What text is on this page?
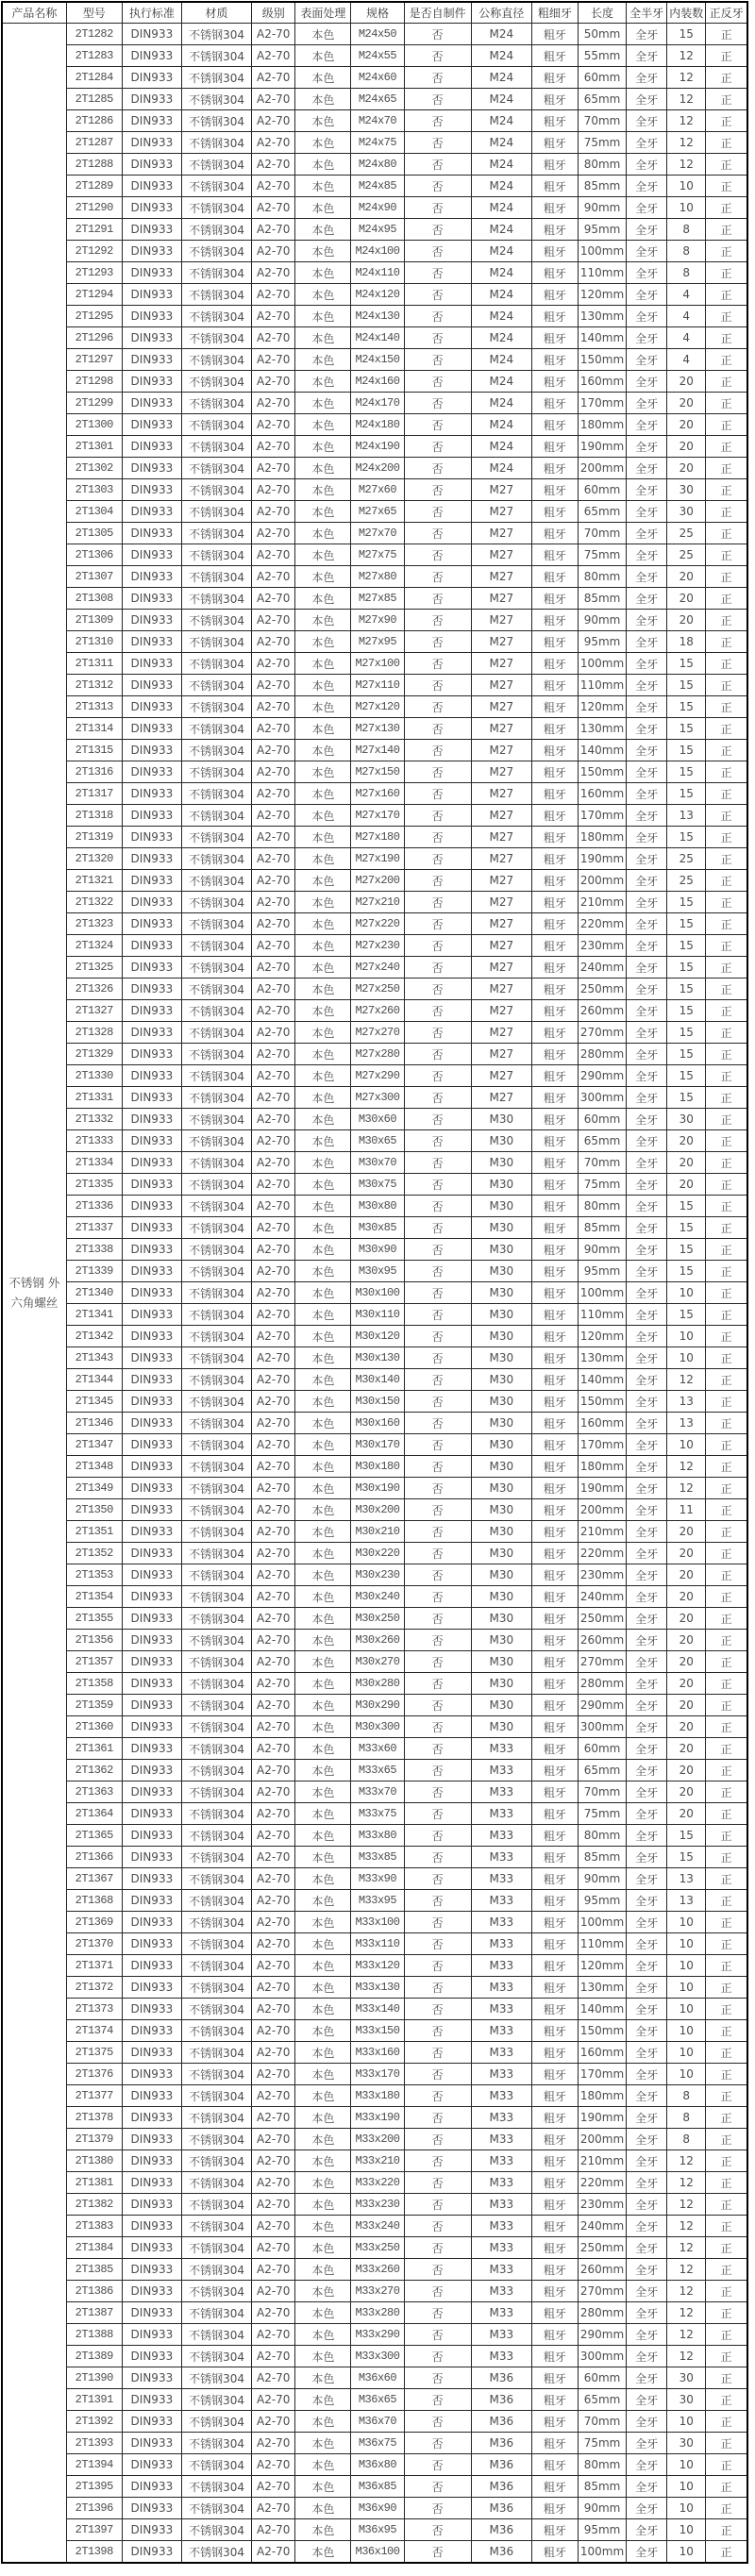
产品名称	型号	执行标准	材质	级别	表面处理	规格	是否自制件	公称直径	粗细牙	长度	全半牙	内装数	正反牙
不锈钢 外六角螺丝	2T1282	DIN933	不锈钢304	A2-70	本色	M24x50	否	M24	粗牙	50mm	全牙	15	正
	2T1283	DIN933	不锈钢304	A2-70	本色	M24x55	否	M24	粗牙	55mm	全牙	12	正
	2T1284	DIN933	不锈钢304	A2-70	本色	M24x60	否	M24	粗牙	60mm	全牙	12	正
	2T1285	DIN933	不锈钢304	A2-70	本色	M24x65	否	M24	粗牙	65mm	全牙	12	正
	2T1286	DIN933	不锈钢304	A2-70	本色	M24x70	否	M24	粗牙	70mm	全牙	12	正
	2T1287	DIN933	不锈钢304	A2-70	本色	M24x75	否	M24	粗牙	75mm	全牙	12	正
	2T1288	DIN933	不锈钢304	A2-70	本色	M24x80	否	M24	粗牙	80mm	全牙	12	正
	2T1289	DIN933	不锈钢304	A2-70	本色	M24x85	否	M24	粗牙	85mm	全牙	10	正
	2T1290	DIN933	不锈钢304	A2-70	本色	M24x90	否	M24	粗牙	90mm	全牙	10	正
	2T1291	DIN933	不锈钢304	A2-70	本色	M24x95	否	M24	粗牙	95mm	全牙	8	正
	2T1292	DIN933	不锈钢304	A2-70	本色	M24x100	否	M24	粗牙	100mm	全牙	8	正
	2T1293	DIN933	不锈钢304	A2-70	本色	M24x110	否	M24	粗牙	110mm	全牙	8	正
	2T1294	DIN933	不锈钢304	A2-70	本色	M24x120	否	M24	粗牙	120mm	全牙	4	正
	2T1295	DIN933	不锈钢304	A2-70	本色	M24x130	否	M24	粗牙	130mm	全牙	4	正
	2T1296	DIN933	不锈钢304	A2-70	本色	M24x140	否	M24	粗牙	140mm	全牙	4	正
	2T1297	DIN933	不锈钢304	A2-70	本色	M24x150	否	M24	粗牙	150mm	全牙	4	正
	2T1298	DIN933	不锈钢304	A2-70	本色	M24x160	否	M24	粗牙	160mm	全牙	20	正
	2T1299	DIN933	不锈钢304	A2-70	本色	M24x170	否	M24	粗牙	170mm	全牙	20	正
	2T1300	DIN933	不锈钢304	A2-70	本色	M24x180	否	M24	粗牙	180mm	全牙	20	正
	2T1301	DIN933	不锈钢304	A2-70	本色	M24x190	否	M24	粗牙	190mm	全牙	20	正
	2T1302	DIN933	不锈钢304	A2-70	本色	M24x200	否	M24	粗牙	200mm	全牙	20	正
	2T1303	DIN933	不锈钢304	A2-70	本色	M27x60	否	M27	粗牙	60mm	全牙	30	正
	2T1304	DIN933	不锈钢304	A2-70	本色	M27x65	否	M27	粗牙	65mm	全牙	30	正
	2T1305	DIN933	不锈钢304	A2-70	本色	M27x70	否	M27	粗牙	70mm	全牙	25	正
	2T1306	DIN933	不锈钢304	A2-70	本色	M27x75	否	M27	粗牙	75mm	全牙	25	正
	2T1307	DIN933	不锈钢304	A2-70	本色	M27x80	否	M27	粗牙	80mm	全牙	20	正
	2T1308	DIN933	不锈钢304	A2-70	本色	M27x85	否	M27	粗牙	85mm	全牙	20	正
	2T1309	DIN933	不锈钢304	A2-70	本色	M27x90	否	M27	粗牙	90mm	全牙	20	正
	2T1310	DIN933	不锈钢304	A2-70	本色	M27x95	否	M27	粗牙	95mm	全牙	18	正
	2T1311	DIN933	不锈钢304	A2-70	本色	M27x100	否	M27	粗牙	100mm	全牙	15	正
	2T1312	DIN933	不锈钢304	A2-70	本色	M27x110	否	M27	粗牙	110mm	全牙	15	正
	2T1313	DIN933	不锈钢304	A2-70	本色	M27x120	否	M27	粗牙	120mm	全牙	15	正
	2T1314	DIN933	不锈钢304	A2-70	本色	M27x130	否	M27	粗牙	130mm	全牙	15	正
	2T1315	DIN933	不锈钢304	A2-70	本色	M27x140	否	M27	粗牙	140mm	全牙	15	正
	2T1316	DIN933	不锈钢304	A2-70	本色	M27x150	否	M27	粗牙	150mm	全牙	15	正
	2T1317	DIN933	不锈钢304	A2-70	本色	M27x160	否	M27	粗牙	160mm	全牙	15	正
	2T1318	DIN933	不锈钢304	A2-70	本色	M27x170	否	M27	粗牙	170mm	全牙	13	正
	2T1319	DIN933	不锈钢304	A2-70	本色	M27x180	否	M27	粗牙	180mm	全牙	15	正
	2T1320	DIN933	不锈钢304	A2-70	本色	M27x190	否	M27	粗牙	190mm	全牙	25	正
	2T1321	DIN933	不锈钢304	A2-70	本色	M27x200	否	M27	粗牙	200mm	全牙	25	正
	2T1322	DIN933	不锈钢304	A2-70	本色	M27x210	否	M27	粗牙	210mm	全牙	15	正
	2T1323	DIN933	不锈钢304	A2-70	本色	M27x220	否	M27	粗牙	220mm	全牙	15	正
	2T1324	DIN933	不锈钢304	A2-70	本色	M27x230	否	M27	粗牙	230mm	全牙	15	正
	2T1325	DIN933	不锈钢304	A2-70	本色	M27x240	否	M27	粗牙	240mm	全牙	15	正
	2T1326	DIN933	不锈钢304	A2-70	本色	M27x250	否	M27	粗牙	250mm	全牙	15	正
	2T1327	DIN933	不锈钢304	A2-70	本色	M27x260	否	M27	粗牙	260mm	全牙	15	正
	2T1328	DIN933	不锈钢304	A2-70	本色	M27x270	否	M27	粗牙	270mm	全牙	15	正
	2T1329	DIN933	不锈钢304	A2-70	本色	M27x280	否	M27	粗牙	280mm	全牙	15	正
	2T1330	DIN933	不锈钢304	A2-70	本色	M27x290	否	M27	粗牙	290mm	全牙	15	正
	2T1331	DIN933	不锈钢304	A2-70	本色	M27x300	否	M27	粗牙	300mm	全牙	15	正
	2T1332	DIN933	不锈钢304	A2-70	本色	M30x60	否	M30	粗牙	60mm	全牙	30	正
	2T1333	DIN933	不锈钢304	A2-70	本色	M30x65	否	M30	粗牙	65mm	全牙	20	正
	2T1334	DIN933	不锈钢304	A2-70	本色	M30x70	否	M30	粗牙	70mm	全牙	20	正
	2T1335	DIN933	不锈钢304	A2-70	本色	M30x75	否	M30	粗牙	75mm	全牙	20	正
	2T1336	DIN933	不锈钢304	A2-70	本色	M30x80	否	M30	粗牙	80mm	全牙	15	正
	2T1337	DIN933	不锈钢304	A2-70	本色	M30x85	否	M30	粗牙	85mm	全牙	15	正
	2T1338	DIN933	不锈钢304	A2-70	本色	M30x90	否	M30	粗牙	90mm	全牙	15	正
	2T1339	DIN933	不锈钢304	A2-70	本色	M30x95	否	M30	粗牙	95mm	全牙	15	正
	2T1340	DIN933	不锈钢304	A2-70	本色	M30x100	否	M30	粗牙	100mm	全牙	10	正
	2T1341	DIN933	不锈钢304	A2-70	本色	M30x110	否	M30	粗牙	110mm	全牙	15	正
	2T1342	DIN933	不锈钢304	A2-70	本色	M30x120	否	M30	粗牙	120mm	全牙	10	正
	2T1343	DIN933	不锈钢304	A2-70	本色	M30x130	否	M30	粗牙	130mm	全牙	10	正
	2T1344	DIN933	不锈钢304	A2-70	本色	M30x140	否	M30	粗牙	140mm	全牙	12	正
	2T1345	DIN933	不锈钢304	A2-70	本色	M30x150	否	M30	粗牙	150mm	全牙	13	正
	2T1346	DIN933	不锈钢304	A2-70	本色	M30x160	否	M30	粗牙	160mm	全牙	13	正
	2T1347	DIN933	不锈钢304	A2-70	本色	M30x170	否	M30	粗牙	170mm	全牙	10	正
	2T1348	DIN933	不锈钢304	A2-70	本色	M30x180	否	M30	粗牙	180mm	全牙	12	正
	2T1349	DIN933	不锈钢304	A2-70	本色	M30x190	否	M30	粗牙	190mm	全牙	12	正
	2T1350	DIN933	不锈钢304	A2-70	本色	M30x200	否	M30	粗牙	200mm	全牙	11	正
	2T1351	DIN933	不锈钢304	A2-70	本色	M30x210	否	M30	粗牙	210mm	全牙	20	正
	2T1352	DIN933	不锈钢304	A2-70	本色	M30x220	否	M30	粗牙	220mm	全牙	20	正
	2T1353	DIN933	不锈钢304	A2-70	本色	M30x230	否	M30	粗牙	230mm	全牙	20	正
	2T1354	DIN933	不锈钢304	A2-70	本色	M30x240	否	M30	粗牙	240mm	全牙	20	正
	2T1355	DIN933	不锈钢304	A2-70	本色	M30x250	否	M30	粗牙	250mm	全牙	20	正
	2T1356	DIN933	不锈钢304	A2-70	本色	M30x260	否	M30	粗牙	260mm	全牙	20	正
	2T1357	DIN933	不锈钢304	A2-70	本色	M30x270	否	M30	粗牙	270mm	全牙	20	正
	2T1358	DIN933	不锈钢304	A2-70	本色	M30x280	否	M30	粗牙	280mm	全牙	20	正
	2T1359	DIN933	不锈钢304	A2-70	本色	M30x290	否	M30	粗牙	290mm	全牙	20	正
	2T1360	DIN933	不锈钢304	A2-70	本色	M30x300	否	M30	粗牙	300mm	全牙	20	正
	2T1361	DIN933	不锈钢304	A2-70	本色	M33x60	否	M33	粗牙	60mm	全牙	20	正
	2T1362	DIN933	不锈钢304	A2-70	本色	M33x65	否	M33	粗牙	65mm	全牙	20	正
	2T1363	DIN933	不锈钢304	A2-70	本色	M33x70	否	M33	粗牙	70mm	全牙	20	正
	2T1364	DIN933	不锈钢304	A2-70	本色	M33x75	否	M33	粗牙	75mm	全牙	20	正
	2T1365	DIN933	不锈钢304	A2-70	本色	M33x80	否	M33	粗牙	80mm	全牙	15	正
	2T1366	DIN933	不锈钢304	A2-70	本色	M33x85	否	M33	粗牙	85mm	全牙	15	正
	2T1367	DIN933	不锈钢304	A2-70	本色	M33x90	否	M33	粗牙	90mm	全牙	13	正
	2T1368	DIN933	不锈钢304	A2-70	本色	M33x95	否	M33	粗牙	95mm	全牙	13	正
	2T1369	DIN933	不锈钢304	A2-70	本色	M33x100	否	M33	粗牙	100mm	全牙	10	正
	2T1370	DIN933	不锈钢304	A2-70	本色	M33x110	否	M33	粗牙	110mm	全牙	10	正
	2T1371	DIN933	不锈钢304	A2-70	本色	M33x120	否	M33	粗牙	120mm	全牙	10	正
	2T1372	DIN933	不锈钢304	A2-70	本色	M33x130	否	M33	粗牙	130mm	全牙	10	正
	2T1373	DIN933	不锈钢304	A2-70	本色	M33x140	否	M33	粗牙	140mm	全牙	10	正
	2T1374	DIN933	不锈钢304	A2-70	本色	M33x150	否	M33	粗牙	150mm	全牙	10	正
	2T1375	DIN933	不锈钢304	A2-70	本色	M33x160	否	M33	粗牙	160mm	全牙	10	正
	2T1376	DIN933	不锈钢304	A2-70	本色	M33x170	否	M33	粗牙	170mm	全牙	10	正
	2T1377	DIN933	不锈钢304	A2-70	本色	M33x180	否	M33	粗牙	180mm	全牙	8	正
	2T1378	DIN933	不锈钢304	A2-70	本色	M33x190	否	M33	粗牙	190mm	全牙	8	正
	2T1379	DIN933	不锈钢304	A2-70	本色	M33x200	否	M33	粗牙	200mm	全牙	8	正
	2T1380	DIN933	不锈钢304	A2-70	本色	M33x210	否	M33	粗牙	210mm	全牙	12	正
	2T1381	DIN933	不锈钢304	A2-70	本色	M33x220	否	M33	粗牙	220mm	全牙	12	正
	2T1382	DIN933	不锈钢304	A2-70	本色	M33x230	否	M33	粗牙	230mm	全牙	12	正
	2T1383	DIN933	不锈钢304	A2-70	本色	M33x240	否	M33	粗牙	240mm	全牙	12	正
	2T1384	DIN933	不锈钢304	A2-70	本色	M33x250	否	M33	粗牙	250mm	全牙	12	正
	2T1385	DIN933	不锈钢304	A2-70	本色	M33x260	否	M33	粗牙	260mm	全牙	12	正
	2T1386	DIN933	不锈钢304	A2-70	本色	M33x270	否	M33	粗牙	270mm	全牙	12	正
	2T1387	DIN933	不锈钢304	A2-70	本色	M33x280	否	M33	粗牙	280mm	全牙	12	正
	2T1388	DIN933	不锈钢304	A2-70	本色	M33x290	否	M33	粗牙	290mm	全牙	12	正
	2T1389	DIN933	不锈钢304	A2-70	本色	M33x300	否	M33	粗牙	300mm	全牙	12	正
	2T1390	DIN933	不锈钢304	A2-70	本色	M36x60	否	M36	粗牙	60mm	全牙	30	正
	2T1391	DIN933	不锈钢304	A2-70	本色	M36x65	否	M36	粗牙	65mm	全牙	30	正
	2T1392	DIN933	不锈钢304	A2-70	本色	M36x70	否	M36	粗牙	70mm	全牙	10	正
	2T1393	DIN933	不锈钢304	A2-70	本色	M36x75	否	M36	粗牙	75mm	全牙	30	正
	2T1394	DIN933	不锈钢304	A2-70	本色	M36x80	否	M36	粗牙	80mm	全牙	10	正
	2T1395	DIN933	不锈钢304	A2-70	本色	M36x85	否	M36	粗牙	85mm	全牙	10	正
	2T1396	DIN933	不锈钢304	A2-70	本色	M36x90	否	M36	粗牙	90mm	全牙	10	正
	2T1397	DIN933	不锈钢304	A2-70	本色	M36x95	否	M36	粗牙	95mm	全牙	10	正
	2T1398	DIN933	不锈钢304	A2-70	本色	M36x100	否	M36	粗牙	100mm	全牙	10	正
